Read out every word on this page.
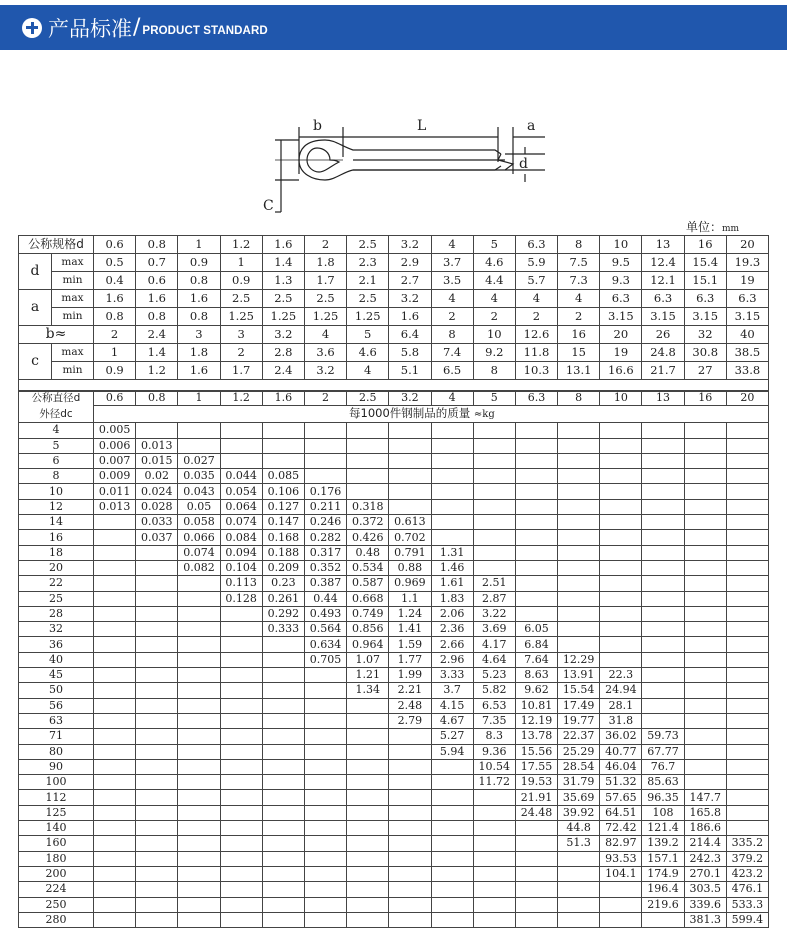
产品标准 / PRODUCT STANDARD
b	L	a
d
C
单位：mm
公称规格d		0.6	0.8	1	1.2	1.6	2	2.5	3.2	4	5	6.3	8	10	13	16	20
d	max	0.5	0.7	0.9	1	1.4	1.8	2.3	2.9	3.7	4.6	5.9	7.5	9.5	12.4	15.4	19.3
	min	0.4	0.6	0.8	0.9	1.3	1.7	2.1	2.7	3.5	4.4	5.7	7.3	9.3	12.1	15.1	19
a	max	1.6	1.6	1.6	2.5	2.5	2.5	2.5	3.2	4	4	4	4	6.3	6.3	6.3	6.3
	min	0.8	0.8	0.8	1.25	1.25	1.25	1.25	1.6	2	2	2	2	3.15	3.15	3.15	3.15
b≈		2	2.4	3	3	3.2	4	5	6.4	8	10	12.6	16	20	26	32	40
c	max	1	1.4	1.8	2	2.8	3.6	4.6	5.8	7.4	9.2	11.8	15	19	24.8	30.8	38.5
	min	0.9	1.2	1.6	1.7	2.4	3.2	4	5.1	6.5	8	10.3	13.1	16.6	21.7	27	33.8

公称直径d	0.6	0.8	1	1.2	1.6	2	2.5	3.2	4	5	6.3	8	10	13	16	20
外径dc	每1000件钢制品的质量 ≈kg															
4	0.005															
5	0.006	0.013														
6	0.007	0.015	0.027													
8	0.009	0.02	0.035	0.044	0.085											
10	0.011	0.024	0.043	0.054	0.106	0.176										
12	0.013	0.028	0.05	0.064	0.127	0.211	0.318									
14		0.033	0.058	0.074	0.147	0.246	0.372	0.613								
16		0.037	0.066	0.084	0.168	0.282	0.426	0.702								
18			0.074	0.094	0.188	0.317	0.48	0.791	1.31							
20			0.082	0.104	0.209	0.352	0.534	0.88	1.46							
22				0.113	0.23	0.387	0.587	0.969	1.61	2.51						
25				0.128	0.261	0.44	0.668	1.1	1.83	2.87						
28					0.292	0.493	0.749	1.24	2.06	3.22						
32					0.333	0.564	0.856	1.41	2.36	3.69	6.05					
36						0.634	0.964	1.59	2.66	4.17	6.84					
40						0.705	1.07	1.77	2.96	4.64	7.64	12.29				
45							1.21	1.99	3.33	5.23	8.63	13.91	22.3			
50							1.34	2.21	3.7	5.82	9.62	15.54	24.94			
56								2.48	4.15	6.53	10.81	17.49	28.1			
63								2.79	4.67	7.35	12.19	19.77	31.8			
71									5.27	8.3	13.78	22.37	36.02	59.73		
80									5.94	9.36	15.56	25.29	40.77	67.77		
90										10.54	17.55	28.54	46.04	76.7		
100										11.72	19.53	31.79	51.32	85.63		
112											21.91	35.69	57.65	96.35	147.7	
125											24.48	39.92	64.51	108	165.8	
140												44.8	72.42	121.4	186.6	
160												51.3	82.97	139.2	214.4	335.2
180													93.53	157.1	242.3	379.2
200													104.1	174.9	270.1	423.2
224														196.4	303.5	476.1
250														219.6	339.6	533.3
280															381.3	599.4
